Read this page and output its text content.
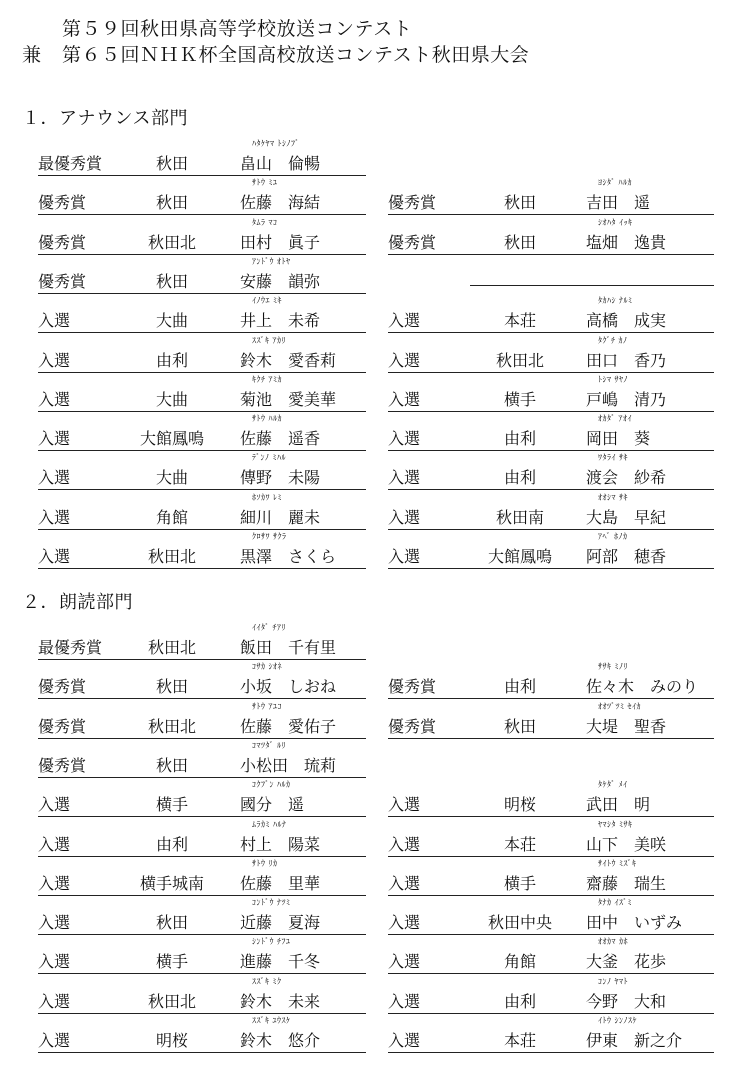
第５９回秋田県高等学校放送コンテスト
兼 第６５回ＮＨＫ杯全国高校放送コンテスト秋田県大会
１．アナウンス部門
２．朗読部門
ﾊﾀｹﾔﾏ ﾄｼﾉﾌﾞ
最優秀賞	秋田	畠山　倫暢
ｻﾄｳ ﾐﾕ
優秀賞	秋田	佐藤　海結
ﾖｼﾀﾞ ﾊﾙｶ
優秀賞	秋田	吉田　遥
ﾀﾑﾗ ﾏｺ
優秀賞	秋田北	田村　眞子
ｼｵﾊﾀ ｲｯｷ
優秀賞	秋田	塩畑　逸貴
ｱﾝﾄﾞｳ ｵﾄﾔ
優秀賞	秋田	安藤　韻弥
ｲﾉｳｴ ﾐｷ
入選	大曲	井上　未希
ﾀｶﾊｼ ﾅﾙﾐ
入選	本荘	高橋　成実
ｽｽﾞｷ ｱｶﾘ
入選	由利	鈴木　愛香莉
ﾀｸﾞﾁ ｶﾉ
入選	秋田北	田口　香乃
ｷｸﾁ ｱﾐｶ
入選	大曲	菊池　愛美華
ﾄｼﾏ ｻﾔﾉ
入選	横手	戸嶋　清乃
ｻﾄｳ ﾊﾙｶ
入選	大館鳳鳴	佐藤　遥香
ｵｶﾀﾞ ｱｵｲ
入選	由利	岡田　葵
ﾃﾞﾝﾉ ﾐﾊﾙ
入選	大曲	傳野　未陽
ﾜﾀﾗｲ ｻｷ
入選	由利	渡会　紗希
ﾎｿｶﾜ ﾚﾐ
入選	角館	細川　麗未
ｵｵｼﾏ ｻｷ
入選	秋田南	大島　早紀
ｸﾛｻﾜ ｻｸﾗ
入選	秋田北	黒澤　さくら
ｱﾍﾞ ﾎﾉｶ
入選	大館鳳鳴	阿部　穂香
ｲｲﾀﾞ ﾁｱﾘ
最優秀賞	秋田北	飯田　千有里
ｺｻｶ ｼｵﾈ
優秀賞	秋田	小坂　しおね
ｻｻｷ ﾐﾉﾘ
優秀賞	由利	佐々木　みのり
ｻﾄｳ ｱﾕｺ
優秀賞	秋田北	佐藤　愛佑子
ｵｵﾂﾞﾂﾐ ｾｲｶ
優秀賞	秋田	大堤　聖香
ｺﾏﾂﾀﾞ ﾙﾘ
優秀賞	秋田	小松田　琉莉
ｺｸﾌﾞﾝ ﾊﾙｶ
入選	横手	國分　遥
ﾀｹﾀﾞ ﾒｲ
入選	明桜	武田　明
ﾑﾗｶﾐ ﾊﾙﾅ
入選	由利	村上　陽菜
ﾔﾏｼﾀ ﾐｻｷ
入選	本荘	山下　美咲
ｻﾄｳ ﾘｶ
入選	横手城南	佐藤　里華
ｻｲﾄｳ ﾐｽﾞｷ
入選	横手	齋藤　瑞生
ｺﾝﾄﾞｳ ﾅﾂﾐ
入選	秋田	近藤　夏海
ﾀﾅｶ ｲｽﾞﾐ
入選	秋田中央	田中　いずみ
ｼﾝﾄﾞｳ ﾁﾌﾕ
入選	横手	進藤　千冬
ｵｵｶﾏ ｶﾎ
入選	角館	大釜　花歩
ｽｽﾞｷ ﾐｸ
入選	秋田北	鈴木　未来
ｺﾝﾉ ﾔﾏﾄ
入選	由利	今野　大和
ｽｽﾞｷ ﾕｳｽｹ
入選	明桜	鈴木　悠介
ｲﾄｳ ｼﾝﾉｽｹ
入選	本荘	伊東　新之介
